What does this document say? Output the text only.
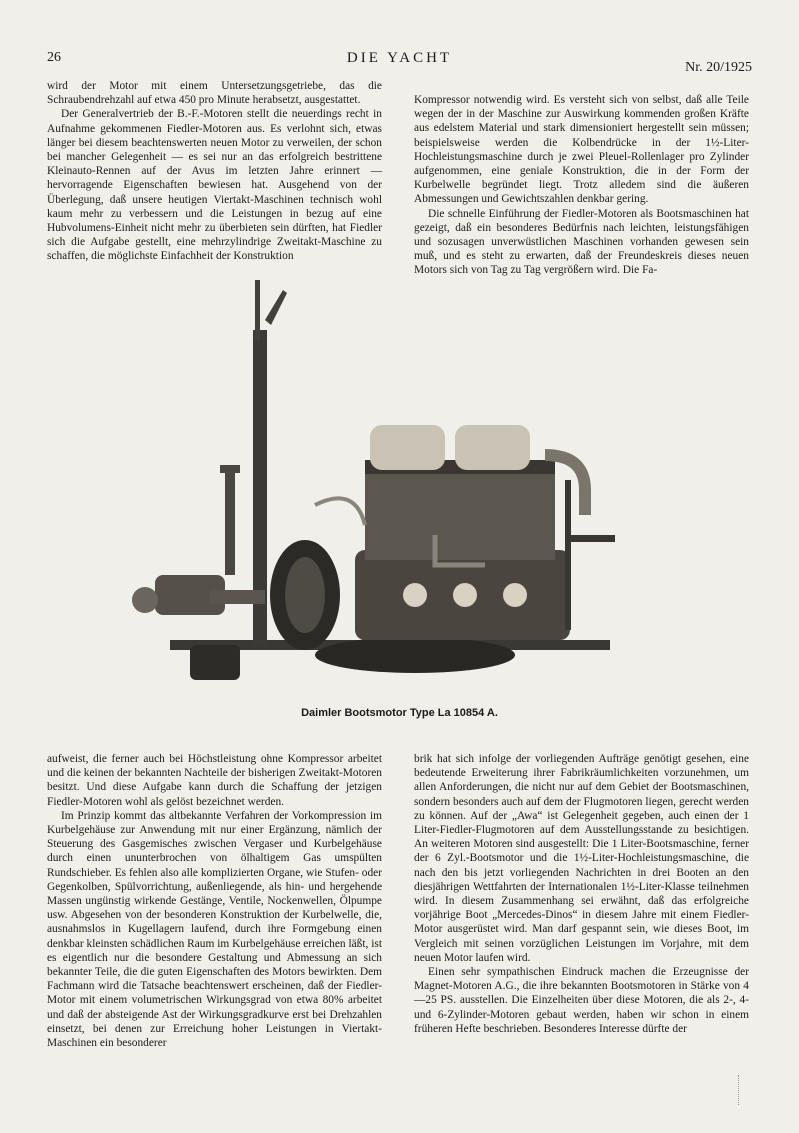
26	DIE YACHT
Nr. 20/1925

wird der Motor mit einem Untersetzungsgetriebe, das die Schraubendrehzahl auf etwa 450 pro Minute herabsetzt, ausgestattet.

Der Generalvertrieb der B.-F.-Motoren stellt die neuerdings recht in Aufnahme gekommenen Fiedler-Motoren aus. Es verlohnt sich, etwas länger bei diesem beachtenswerten neuen Motor zu verweilen, der schon bei mancher Gelegenheit — es sei nur an das erfolgreich bestrittene Kleinauto-Rennen auf der Avus im letzten Jahre erinnert — hervorragende Eigenschaften bewiesen hat. Ausgehend von der Überlegung, daß unsere heutigen Viertakt-Maschinen technisch wohl kaum mehr zu verbessern und die Leistungen in bezug auf eine Hubvolumens-Einheit nicht mehr zu überbieten sein dürften, hat Fiedler sich die Aufgabe gestellt, eine mehrzylindrige Zweitakt-Maschine zu schaffen, die möglichste Einfachheit der Konstruktion

Kompressor notwendig wird. Es versteht sich von selbst, daß alle Teile wegen der in der Maschine zur Auswirkung kommenden großen Kräfte aus edelstem Material und stark dimensioniert hergestellt sein müssen; beispielsweise werden die Kolbendrücke in der 1½-Liter-Hochleistungsmaschine durch je zwei Pleuel-Rollenlager pro Zylinder aufgenommen, eine geniale Konstruktion, die in der Form der Kurbelwelle begründet liegt. Trotz alledem sind die äußeren Abmessungen und Gewichtszahlen denkbar gering.

Die schnelle Einführung der Fiedler-Motoren als Bootsmaschinen hat gezeigt, daß ein besonderes Bedürfnis nach leichten, leistungsfähigen und sozusagen unverwüstlichen Maschinen vorhanden gewesen sein muß, und es steht zu erwarten, daß der Freundeskreis dieses neuen Motors sich von Tag zu Tag vergrößern wird. Die Fa-

Daimler Bootsmotor Type La 10854 A.

aufweist, die ferner auch bei Höchstleistung ohne Kompressor arbeitet und die keinen der bekannten Nachteile der bisherigen Zweitakt-Motoren besitzt. Und diese Aufgabe kann durch die Schaffung der jetzigen Fiedler-Motoren wohl als gelöst bezeichnet werden.

Im Prinzip kommt das altbekannte Verfahren der Vorkompression im Kurbelgehäuse zur Anwendung mit nur einer Ergänzung, nämlich der Steuerung des Gasgemisches zwischen Vergaser und Kurbelgehäuse durch einen ununterbrochen von ölhaltigem Gas umspülten Rundschieber. Es fehlen also alle komplizierten Organe, wie Stufen- oder Gegenkolben, Spülvorrichtung, außenliegende, als hin- und hergehende Massen ungünstig wirkende Gestänge, Ventile, Nockenwellen, Ölpumpe usw. Abgesehen von der besonderen Konstruktion der Kurbelwelle, die, ausnahmslos in Kugellagern laufend, durch ihre Formgebung einen denkbar kleinsten schädlichen Raum im Kurbelgehäuse erreichen läßt, ist es eigentlich nur die besondere Gestaltung und Abmessung an sich bekannter Teile, die die guten Eigenschaften des Motors bewirkten. Dem Fachmann wird die Tatsache beachtenswert erscheinen, daß der Fiedler-Motor mit einem volumetrischen Wirkungsgrad von etwa 80% arbeitet und daß der absteigende Ast der Wirkungsgradkurve erst bei Drehzahlen einsetzt, bei denen zur Erreichung hoher Leistungen in Viertakt-Maschinen ein besonderer

brik hat sich infolge der vorliegenden Aufträge genötigt gesehen, eine bedeutende Erweiterung ihrer Fabrikräumlichkeiten vorzunehmen, um allen Anforderungen, die nicht nur auf dem Gebiet der Bootsmaschinen, sondern besonders auch auf dem der Flugmotoren liegen, gerecht werden zu können. Auf der „Awa“ ist Gelegenheit gegeben, auch einen der 1 Liter-Fiedler-Flugmotoren auf dem Ausstellungsstande zu besichtigen. An weiteren Motoren sind ausgestellt: Die 1 Liter-Bootsmaschine, ferner der 6 Zyl.-Bootsmotor und die 1½-Liter-Hochleistungsmaschine, die nach den bis jetzt vorliegenden Nachrichten in drei Booten an den diesjährigen Wettfahrten der Internationalen 1½-Liter-Klasse teilnehmen wird. In diesem Zusammenhang sei erwähnt, daß das erfolgreiche vorjährige Boot „Mercedes-Dinos“ in diesem Jahre mit einem Fiedler-Motor ausgerüstet wird. Man darf gespannt sein, wie dieses Boot, im Vergleich mit seinen vorzüglichen Leistungen im Vorjahre, mit dem neuen Motor laufen wird.

Einen sehr sympathischen Eindruck machen die Erzeugnisse der Magnet-Motoren A.G., die ihre bekannten Bootsmotoren in Stärke von 4—25 PS. ausstellen. Die Einzelheiten über diese Motoren, die als 2-, 4- und 6-Zylinder-Motoren gebaut werden, haben wir schon in einem früheren Hefte beschrieben. Besonderes Interesse dürfte der
